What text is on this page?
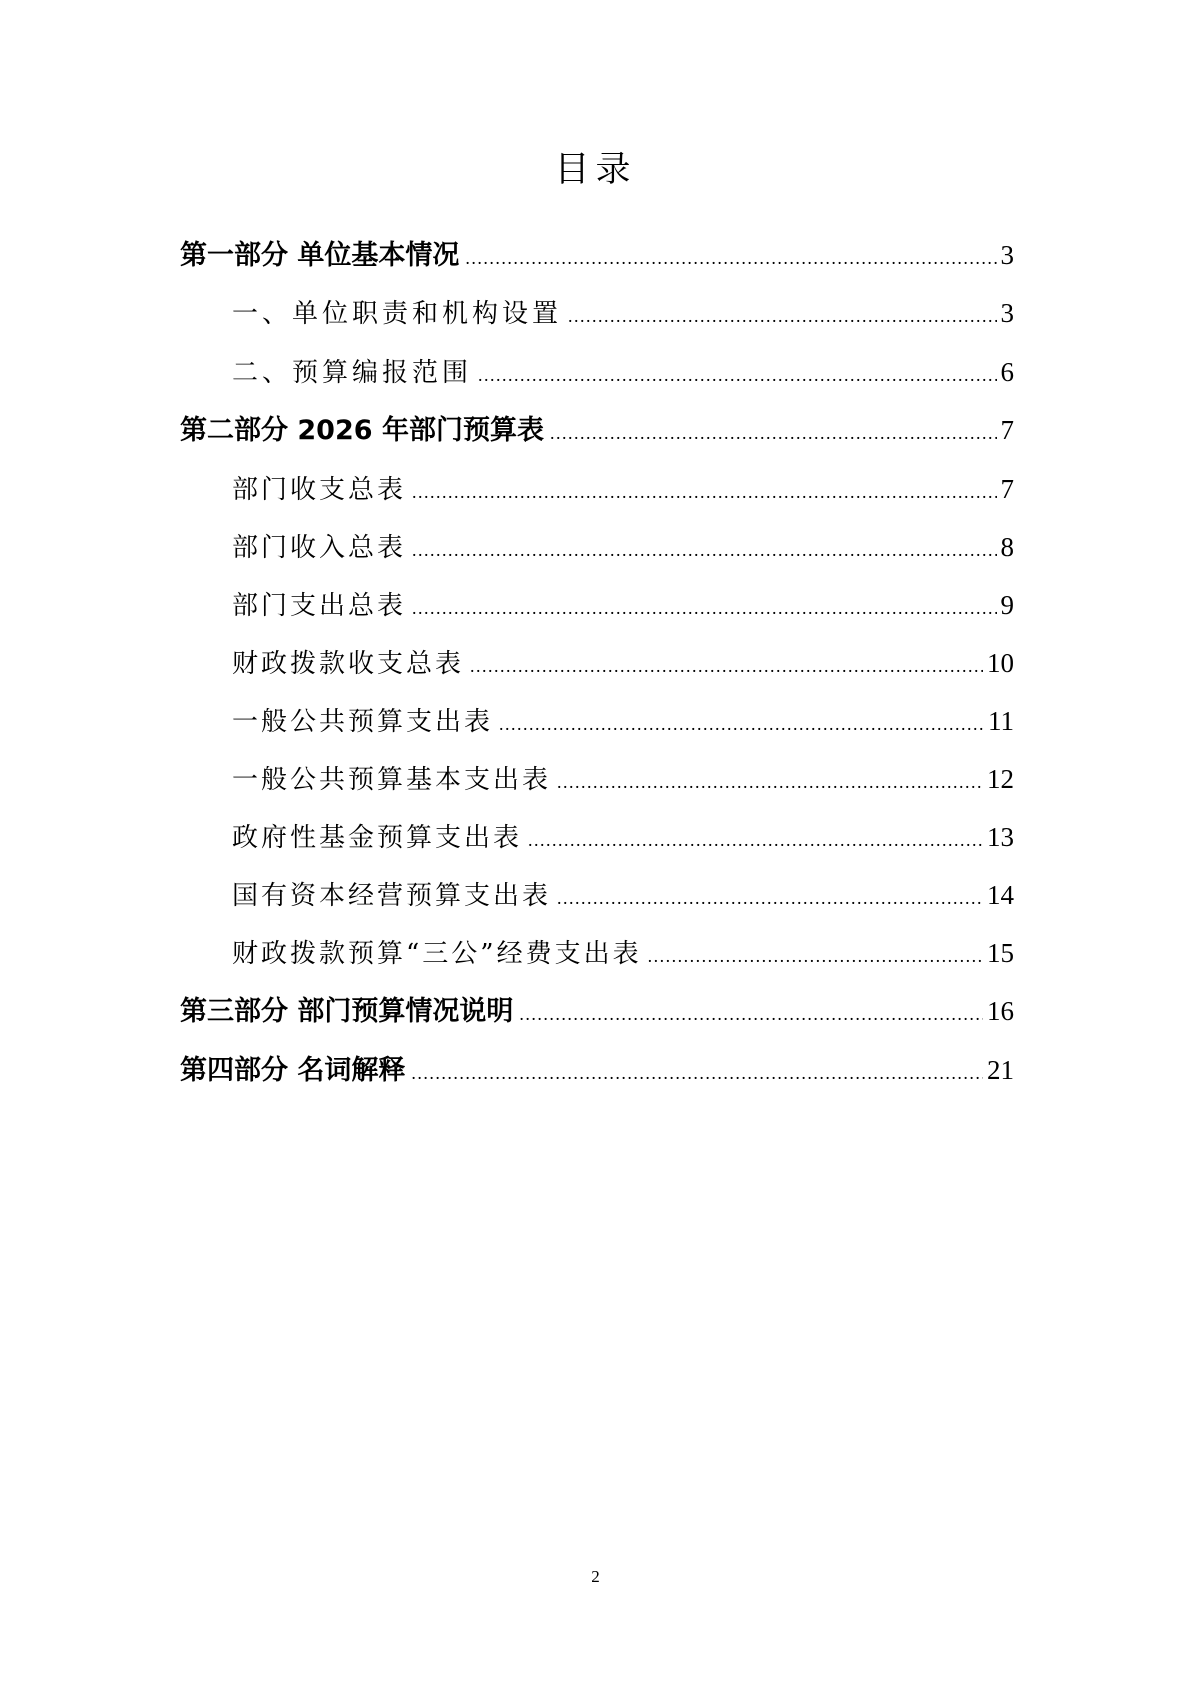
目录
第一部分 单位基本情况 .....	3
一、单位职责和机构设置 .....	3
二、预算编报范围 .....	6
第二部分 2026 年部门预算表 .....	7
部门收支总表 .....	7
部门收入总表 .....	8
部门支出总表 .....	9
财政拨款收支总表 .....	10
一般公共预算支出表 .....	11
一般公共预算基本支出表 .....	12
政府性基金预算支出表 .....	13
国有资本经营预算支出表 .....	14
财政拨款预算“三公”经费支出表 .....	15
第三部分 部门预算情况说明 .....	16
第四部分 名词解释 .....	21
2
